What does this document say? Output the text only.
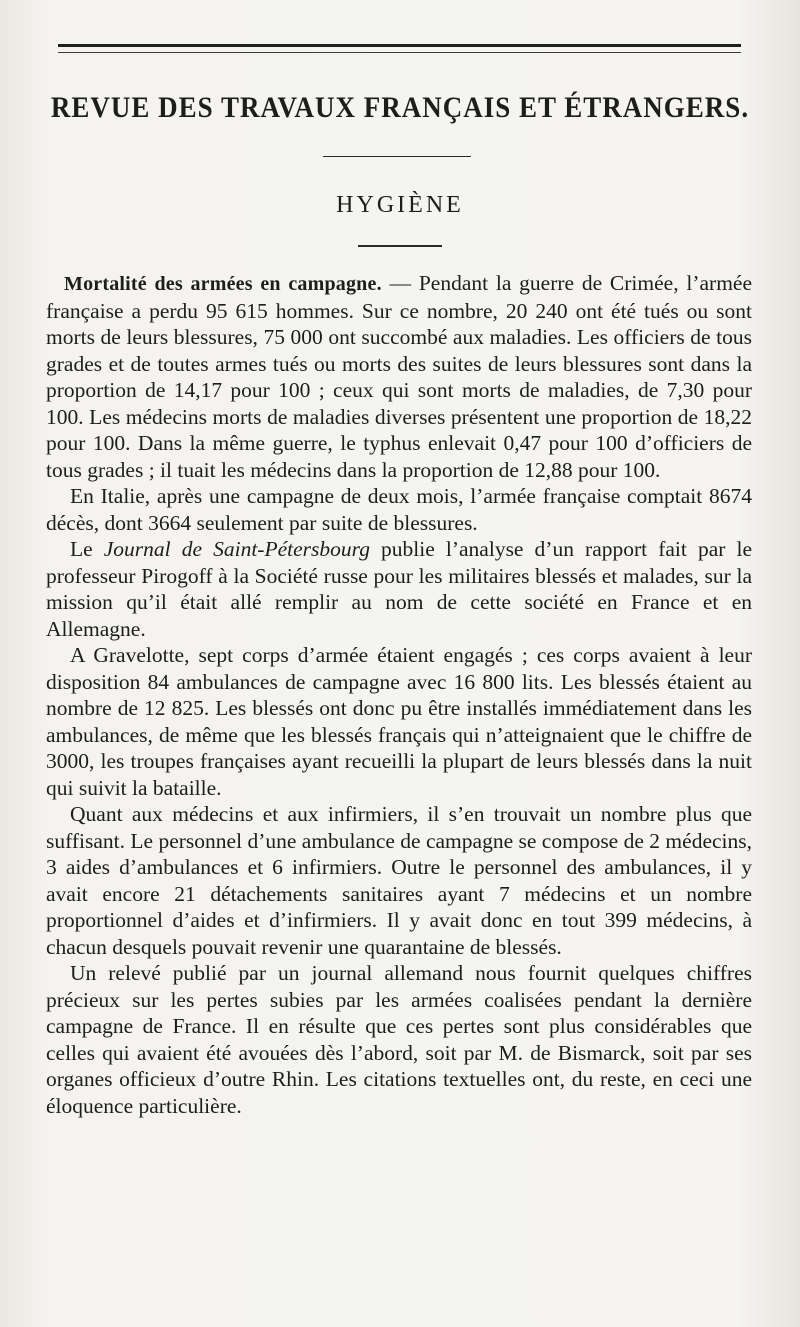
REVUE DES TRAVAUX FRANÇAIS ET ÉTRANGERS.
HYGIÈNE

Mortalité des armées en campagne. — Pendant la guerre de Crimée, l’armée française a perdu 95 615 hommes. Sur ce nombre, 20 240 ont été tués ou sont morts de leurs blessures, 75 000 ont succombé aux maladies. Les officiers de tous grades et de toutes armes tués ou morts des suites de leurs blessures sont dans la proportion de 14,17 pour 100 ; ceux qui sont morts de maladies, de 7,30 pour 100. Les médecins morts de maladies diverses présentent une proportion de 18,22 pour 100. Dans la même guerre, le typhus enlevait 0,47 pour 100 d’officiers de tous grades ; il tuait les médecins dans la proportion de 12,88 pour 100.

En Italie, après une campagne de deux mois, l’armée française comptait 8674 décès, dont 3664 seulement par suite de blessures.

Le Journal de Saint-Pétersbourg publie l’analyse d’un rapport fait par le professeur Pirogoff à la Société russe pour les militaires blessés et malades, sur la mission qu’il était allé remplir au nom de cette société en France et en Allemagne.

A Gravelotte, sept corps d’armée étaient engagés ; ces corps avaient à leur disposition 84 ambulances de campagne avec 16 800 lits. Les blessés étaient au nombre de 12 825. Les blessés ont donc pu être installés immédiatement dans les ambulances, de même que les blessés français qui n’atteignaient que le chiffre de 3000, les troupes françaises ayant recueilli la plupart de leurs blessés dans la nuit qui suivit la bataille.

Quant aux médecins et aux infirmiers, il s’en trouvait un nombre plus que suffisant. Le personnel d’une ambulance de campagne se compose de 2 médecins, 3 aides d’ambulances et 6 infirmiers. Outre le personnel des ambulances, il y avait encore 21 détachements sanitaires ayant 7 médecins et un nombre proportionnel d’aides et d’infirmiers. Il y avait donc en tout 399 médecins, à chacun desquels pouvait revenir une quarantaine de blessés.

Un relevé publié par un journal allemand nous fournit quelques chiffres précieux sur les pertes subies par les armées coalisées pendant la dernière campagne de France. Il en résulte que ces pertes sont plus considérables que celles qui avaient été avouées dès l’abord, soit par M. de Bismarck, soit par ses organes officieux d’outre Rhin. Les citations textuelles ont, du reste, en ceci une éloquence particulière.
